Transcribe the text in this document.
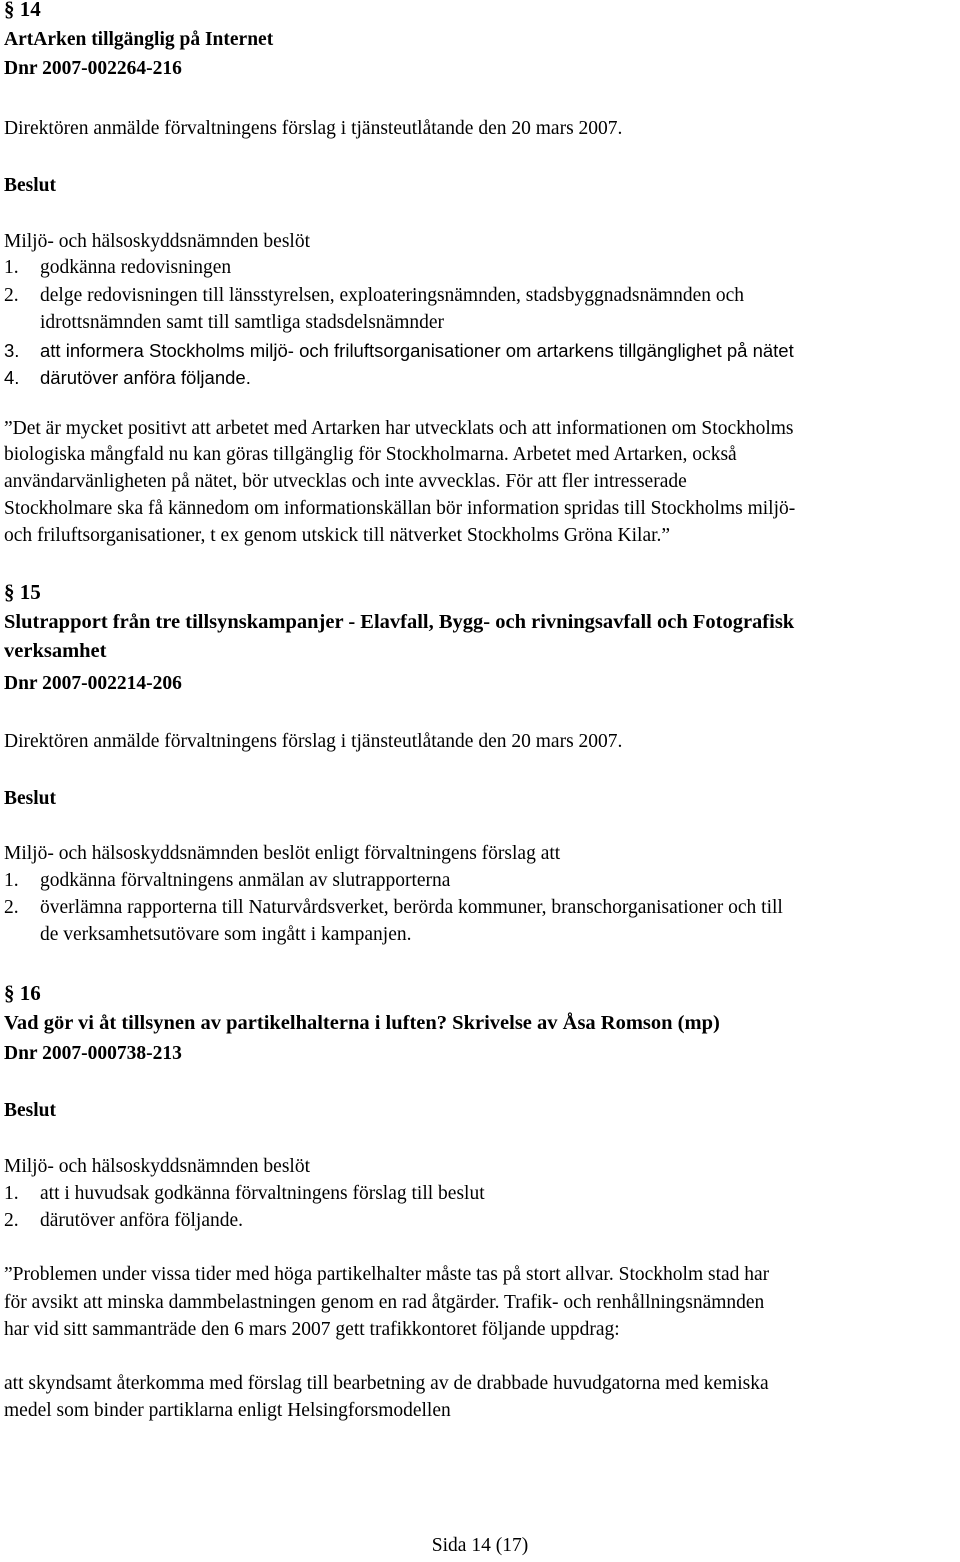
§ 14
ArtArken tillgänglig på Internet
Dnr 2007-002264-216
Direktören anmälde förvaltningens förslag i tjänsteutlåtande den 20 mars 2007.
Beslut
Miljö- och hälsoskyddsnämnden beslöt
1. godkänna redovisningen
2. delge redovisningen till länsstyrelsen, exploateringsnämnden, stadsbyggnadsnämnden och
idrottsnämnden samt till samtliga stadsdelsnämnder
3. att informera Stockholms miljö- och friluftsorganisationer om artarkens tillgänglighet på nätet
4. därutöver anföra följande.
”Det är mycket positivt att arbetet med Artarken har utvecklats och att informationen om Stockholms
biologiska mångfald nu kan göras tillgänglig för Stockholmarna. Arbetet med Artarken, också
användarvänligheten på nätet, bör utvecklas och inte avvecklas. För att fler intresserade
Stockholmare ska få kännedom om informationskällan bör information spridas till Stockholms miljö-
och friluftsorganisationer, t ex genom utskick till nätverket Stockholms Gröna Kilar.”
§ 15
Slutrapport från tre tillsynskampanjer - Elavfall, Bygg- och rivningsavfall och Fotografisk
verksamhet
Dnr 2007-002214-206
Direktören anmälde förvaltningens förslag i tjänsteutlåtande den 20 mars 2007.
Beslut
Miljö- och hälsoskyddsnämnden beslöt enligt förvaltningens förslag att
1. godkänna förvaltningens anmälan av slutrapporterna
2. överlämna rapporterna till Naturvårdsverket, berörda kommuner, branschorganisationer och till
de verksamhetsutövare som ingått i kampanjen.
§ 16
Vad gör vi åt tillsynen av partikelhalterna i luften? Skrivelse av Åsa Romson (mp)
Dnr 2007-000738-213
Beslut
Miljö- och hälsoskyddsnämnden beslöt
1. att i huvudsak godkänna förvaltningens förslag till beslut
2. därutöver anföra följande.
”Problemen under vissa tider med höga partikelhalter måste tas på stort allvar. Stockholm stad har
för avsikt att minska dammbelastningen genom en rad åtgärder. Trafik- och renhållningsnämnden
har vid sitt sammanträde den 6 mars 2007 gett trafikkontoret följande uppdrag:
att skyndsamt återkomma med förslag till bearbetning av de drabbade huvudgatorna med kemiska
medel som binder partiklarna enligt Helsingforsmodellen
Sida 14 (17)
